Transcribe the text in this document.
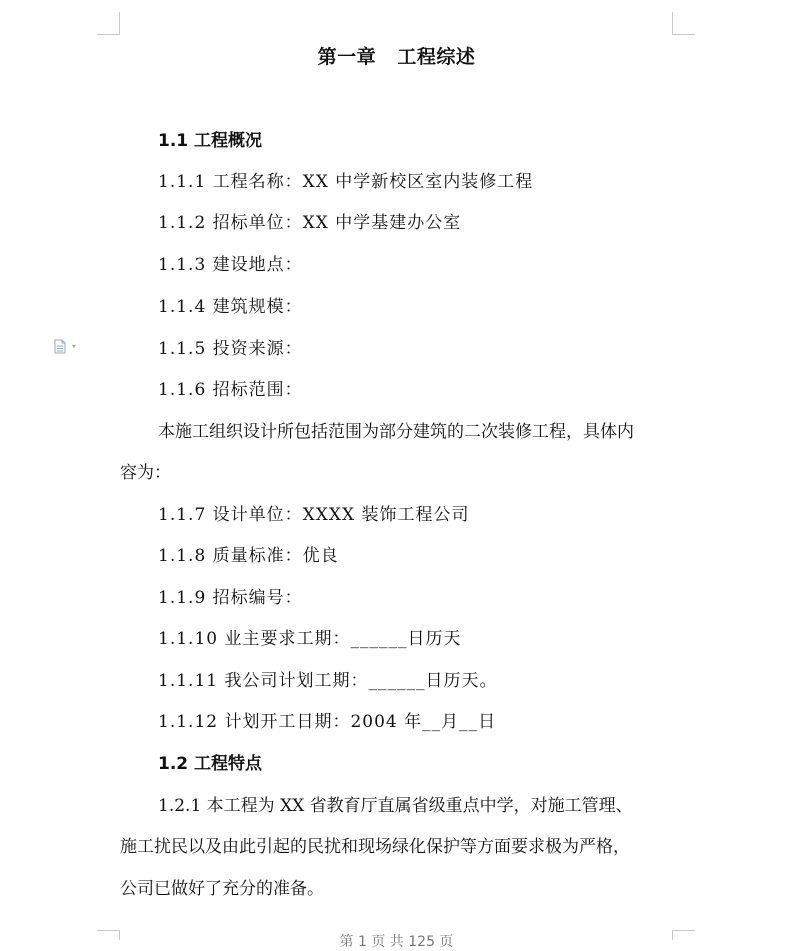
第一章   工程综述
1.1 工程概况
1.1.1 工程名称：XX 中学新校区室内装修工程
1.1.2 招标单位：XX 中学基建办公室
1.1.3 建设地点：
1.1.4 建筑规模：
1.1.5 投资来源：
1.1.6 招标范围：
本施工组织设计所包括范围为部分建筑的二次装修工程，具体内
容为：
1.1.7 设计单位：XXXX 装饰工程公司
1.1.8 质量标准：优良
1.1.9 招标编号：
1.1.10 业主要求工期：______日历天
1.1.11 我公司计划工期：______日历天。
1.1.12 计划开工日期：2004 年__月__日
1.2 工程特点
1.2.1 本工程为 XX 省教育厅直属省级重点中学，对施工管理、
施工扰民以及由此引起的民扰和现场绿化保护等方面要求极为严格，
公司已做好了充分的准备。
第 1 页 共 125 页
